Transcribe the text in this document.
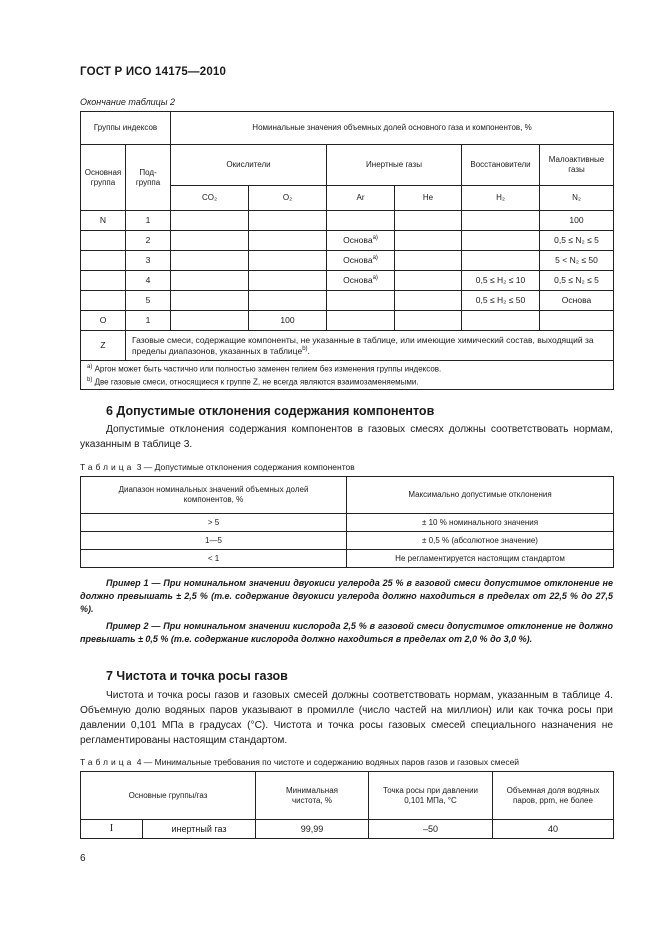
ГОСТ Р ИСО 14175—2010
Окончание таблицы 2
Группы индексов		Номинальные значения объемных долей основного газа и компонентов, %					
Основная группа	Под- группа	Окислители		Инертные газы		Восстановители	Малоактивные газы
		CO₂	O₂	Ar	He	H₂	N₂
N	1						100
	2			Основа$^{a)}$			0,5 ≤ N₂ ≤ 5
	3			Основа$^{a)}$			5 < N₂ ≤ 50
	4			Основа$^{a)}$		0,5 ≤ H₂ ≤ 10	0,5 ≤ N₂ ≤ 5
	5					0,5 ≤ H₂ ≤ 50	Основа
O	1		100				
Z	Газовые смеси, содержащие компоненты, не указанные в таблице, или имеющие химический состав, выходящий за пределы диапазонов, указанных в таблице$^{b)}$.						

$^{a)}$ Аргон может быть частично или полностью заменен гелием без изменения группы индексов.
$^{b)}$ Две газовые смеси, относящиеся к группе Z, не всегда являются взаимозаменяемыми.							
6 Допустимые отклонения содержания компонентов
Допустимые отклонения содержания компонентов в газовых смесях должны соответствовать нормам, указанным в таблице 3.
Таблица 3 — Допустимые отклонения содержания компонентов
Диапазон номинальных значений объемных долей компонентов, %	Максимально допустимые отклонения
> 5	± 10 % номинального значения
1—5	± 0,5 % (абсолютное значение)
< 1	Не регламентируется настоящим стандартом
Пример 1 — При номинальном значении двуокиси углерода 25 % в газовой смеси допустимое отклонение не должно превышать ± 2,5 % (т.е. содержание двуокиси углерода должно находиться в пределах от 22,5 % до 27,5 %).
Пример 2 — При номинальном значении кислорода 2,5 % в газовой смеси допустимое отклонение не должно превышать ± 0,5 % (т.е. содержание кислорода должно находиться в пределах от 2,0 % до 3,0 %).
7 Чистота и точка росы газов
Чистота и точка росы газов и газовых смесей должны соответствовать нормам, указанным в таблице 4. Объемную долю водяных паров указывают в промилле (число частей на миллион) или как точка росы при давлении 0,101 МПа в градусах (°С). Чистота и точка росы газовых смесей специального назначения не регламентированы настоящим стандартом.
Таблица 4 — Минимальные требования по чистоте и содержанию водяных паров газов и газовых смесей
Основные группы/газ		Минимальная чистота, %	Точка росы при давлении 0,101 МПа, °С	Объемная доля водяных паров, ppm, не более
I	инертный газ	99,99	–50	40
6
